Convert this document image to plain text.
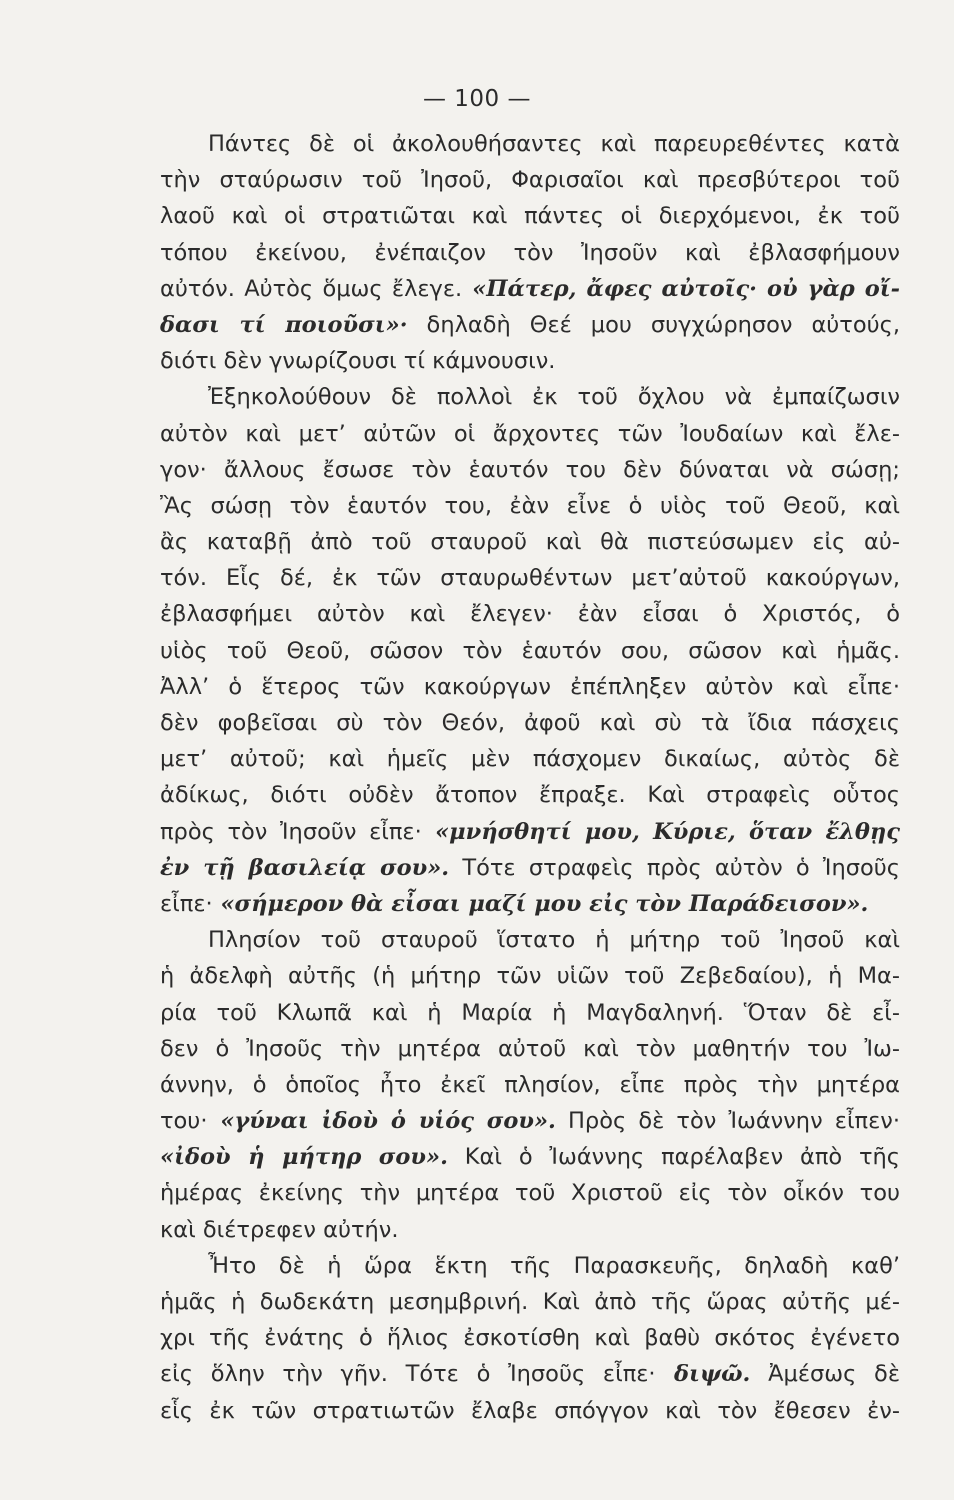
— 100 —
Πάντες δὲ οἱ ἀκολουθήσαντες καὶ παρευρεθέντες κατὰ
τὴν σταύρωσιν τοῦ Ἰησοῦ, Φαρισαῖοι καὶ πρεσβύτεροι τοῦ
λαοῦ καὶ οἱ στρατιῶται καὶ πάντες οἱ διερχόμενοι, ἐκ τοῦ
τόπου ἐκείνου, ἐνέπαιζον τὸν Ἰησοῦν καὶ ἐβλασφήμουν
αὐτόν. Αὐτὸς ὅμως ἔλεγε. «Πάτερ, ἄφες αὐτοῖς· οὐ γὰρ οἴ-
δασι τί ποιοῦσι»· δηλαδὴ Θεέ μου συγχώρησον αὐτούς,
διότι δὲν γνωρίζουσι τί κάμνουσιν.
Ἐξηκολούθουν δὲ πολλοὶ ἐκ τοῦ ὄχλου νὰ ἐμπαίζωσιν
αὐτὸν καὶ μετ’ αὐτῶν οἱ ἄρχοντες τῶν Ἰουδαίων καὶ ἔλε-
γον· ἄλλους ἔσωσε τὸν ἑαυτόν του δὲν δύναται νὰ σώσῃ;
Ἂς σώσῃ τὸν ἑαυτόν του, ἐὰν εἶνε ὁ υἱὸς τοῦ Θεοῦ, καὶ
ἂς καταβῇ ἀπὸ τοῦ σταυροῦ καὶ θὰ πιστεύσωμεν εἰς αὐ-
τόν. Εἷς δέ, ἐκ τῶν σταυρωθέντων μετ’αὐτοῦ κακούργων,
ἐβλασφήμει αὐτὸν καὶ ἔλεγεν· ἐὰν εἶσαι ὁ Χριστός, ὁ
υἱὸς τοῦ Θεοῦ, σῶσον τὸν ἑαυτόν σου, σῶσον καὶ ἡμᾶς.
Ἀλλ’ ὁ ἕτερος τῶν κακούργων ἐπέπληξεν αὐτὸν καὶ εἶπε·
δὲν φοβεῖσαι σὺ τὸν Θεόν, ἀφοῦ καὶ σὺ τὰ ἴδια πάσχεις
μετ’ αὐτοῦ; καὶ ἡμεῖς μὲν πάσχομεν δικαίως, αὐτὸς δὲ
ἀδίκως, διότι οὐδὲν ἄτοπον ἔπραξε. Καὶ στραφεὶς οὗτος
πρὸς τὸν Ἰησοῦν εἶπε· «μνήσθητί μου, Κύριε, ὅταν ἔλθῃς
ἐν τῇ βασιλείᾳ σου». Τότε στραφεὶς πρὸς αὐτὸν ὁ Ἰησοῦς
εἶπε· «σήμερον θὰ εἶσαι μαζί μου εἰς τὸν Παράδεισον».
Πλησίον τοῦ σταυροῦ ἵστατο ἡ μήτηρ τοῦ Ἰησοῦ καὶ
ἡ ἀδελφὴ αὐτῆς (ἡ μήτηρ τῶν υἱῶν τοῦ Ζεβεδαίου), ἡ Μα-
ρία τοῦ Κλωπᾶ καὶ ἡ Μαρία ἡ Μαγδαληνή. Ὅταν δὲ εἶ-
δεν ὁ Ἰησοῦς τὴν μητέρα αὐτοῦ καὶ τὸν μαθητήν του Ἰω-
άννην, ὁ ὁποῖος ἦτο ἐκεῖ πλησίον, εἶπε πρὸς τὴν μητέρα
του· «γύναι ἰδοὺ ὁ υἱός σου». Πρὸς δὲ τὸν Ἰωάννην εἶπεν·
«ἰδοὺ ἡ μήτηρ σου». Καὶ ὁ Ἰωάννης παρέλαβεν ἀπὸ τῆς
ἡμέρας ἐκείνης τὴν μητέρα τοῦ Χριστοῦ εἰς τὸν οἶκόν του
καὶ διέτρεφεν αὐτήν.
Ἦτο δὲ ἡ ὥρα ἕκτη τῆς Παρασκευῆς, δηλαδὴ καθ’
ἡμᾶς ἡ δωδεκάτη μεσημβρινή. Καὶ ἀπὸ τῆς ὥρας αὐτῆς μέ-
χρι τῆς ἐνάτης ὁ ἥλιος ἐσκοτίσθη καὶ βαθὺ σκότος ἐγένετο
εἰς ὅλην τὴν γῆν. Τότε ὁ Ἰησοῦς εἶπε· διψῶ. Ἀμέσως δὲ
εἷς ἐκ τῶν στρατιωτῶν ἔλαβε σπόγγον καὶ τὸν ἔθεσεν ἐν-
